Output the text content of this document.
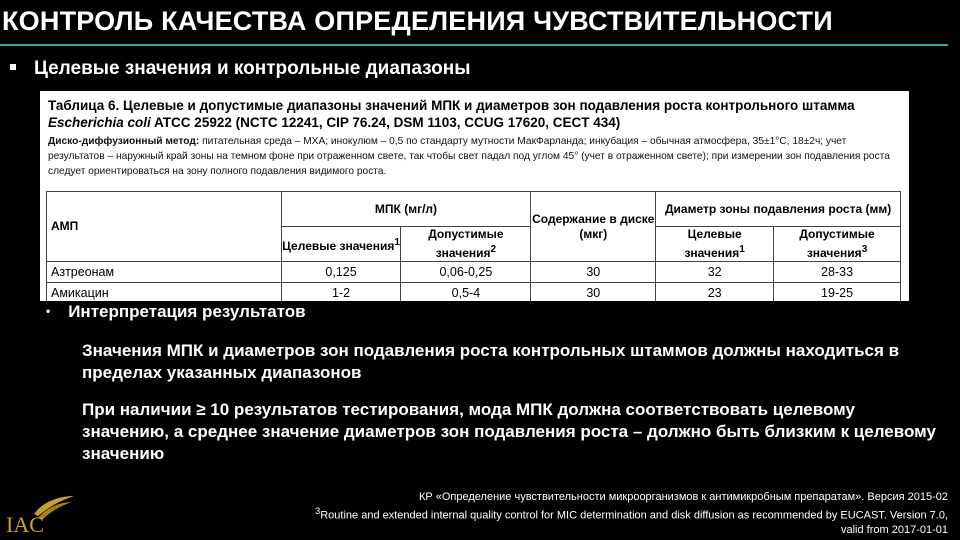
КОНТРОЛЬ КАЧЕСТВА ОПРЕДЕЛЕНИЯ ЧУВСТВИТЕЛЬНОСТИ
Целевые значения и контрольные диапазоны
Таблица 6. Целевые и допустимые диапазоны значений МПК и диаметров зон подавления роста контрольного штамма Escherichia coli ATCC 25922 (NCTC 12241, CIP 76.24, DSM 1103, CCUG 17620, CECT 434)
Диско-диффузионный метод: питательная среда – МХА; инокулюм – 0,5 по стандарту мутности МакФарланда; инкубация – обычная атмосфера, 35±1°С, 18±2ч; учет результатов – наружный край зоны на темном фоне при отраженном свете, так чтобы свет падал под углом 45° (учет в отраженном свете); при измерении зон подавления роста следует ориентироваться на зону полного подавления видимого роста.
АМП	МПК (мг/л)		Содержание в диске (мкг)	Диаметр зоны подавления роста (мм)	
	Целевые значения$^1$	Допустимые значения$^2$		Целевые значения$^1$	Допустимые значения$^3$
Азтреонам	0,125	0,06-0,25	30	32	28-33
Амикацин	1-2	0,5-4	30	23	19-25
• Интерпретация результатов
Значения МПК и диаметров зон подавления роста контрольных штаммов должны находиться в пределах указанных диапазонов
При наличии ≥ 10 результатов тестирования, мода МПК должна соответствовать целевому значению, а среднее значение диаметров зон подавления роста – должно быть близким к целевому значению
КР «Определение чувствительности микроорганизмов к антимикробным препаратам». Версия 2015-02
$^3$Routine and extended internal quality control for MIC determination and disk diffusion as recommended by EUCAST. Version 7.0,
valid from 2017-01-01
IAC
